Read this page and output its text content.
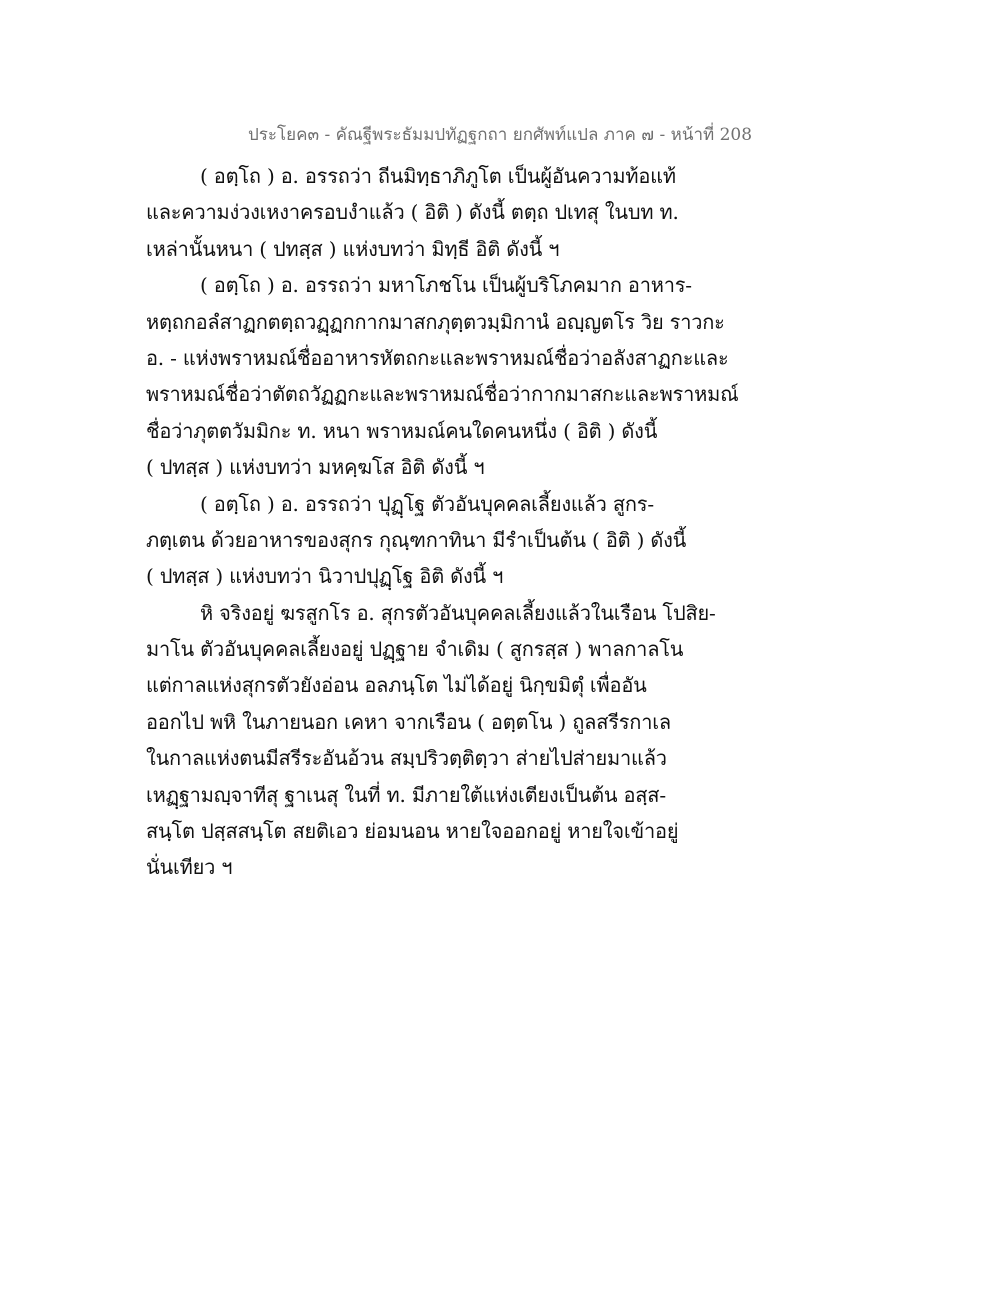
ประโยค๓ - คัณฐีพระธัมมปทัฏฐกถา ยกศัพท์แปล ภาค ๗ - หน้าที่ 208
( อตฺโถ ) อ. อรรถว่า ถีนมิทฺธาภิภูโต เป็นผู้อันความท้อแท้
และความง่วงเหงาครอบงำแล้ว ( อิติ ) ดังนี้ ตตฺถ ปเทสุ ในบท ท.
เหล่านั้นหนา ( ปทสฺส ) แห่งบทว่า มิทฺธี อิติ ดังนี้ ฯ
( อตฺโถ ) อ. อรรถว่า มหาโภชโน เป็นผู้บริโภคมาก อาหาร-
หตฺถกอลํสาฏกตตฺถวฏฺฏกกากมาสกภุตฺตวมฺมิกานํ อญฺญตโร วิย ราวกะ
อ. - แห่งพราหมณ์ชื่ออาหารหัตถกะและพราหมณ์ชื่อว่าอลังสาฏกะและ
พราหมณ์ชื่อว่าตัตถวัฏฏกะและพราหมณ์ชื่อว่ากากมาสกะและพราหมณ์
ชื่อว่าภุตตวัมมิกะ ท. หนา พราหมณ์คนใดคนหนึ่ง ( อิติ ) ดังนี้
( ปทสฺส ) แห่งบทว่า มหคฺฆโส อิติ ดังนี้ ฯ
( อตฺโถ ) อ. อรรถว่า ปุฏฺโฐ ตัวอันบุคคลเลี้ยงแล้ว สูกร-
ภตฺเตน ด้วยอาหารของสุกร กุณฺฑกาทินา มีรำเป็นต้น ( อิติ ) ดังนี้
( ปทสฺส ) แห่งบทว่า นิวาปปุฏฺโฐ อิติ ดังนี้ ฯ
หิ จริงอยู่ ฆรสูกโร อ. สุกรตัวอันบุคคลเลี้ยงแล้วในเรือน โปสิย-
มาโน ตัวอันบุคคลเลี้ยงอยู่ ปฏฺฐาย จำเดิม ( สูกรสฺส ) พาลกาลโน
แต่กาลแห่งสุกรตัวยังอ่อน อลภนฺโต ไม่ได้อยู่ นิกฺขมิตุํ เพื่ออัน
ออกไป พหิ ในภายนอก เคหา จากเรือน ( อตฺตโน ) ถูลสรีรกาเล
ในกาลแห่งตนมีสรีระอันอ้วน สมฺปริวตฺติตฺวา ส่ายไปส่ายมาแล้ว
เหฏฺฐามญฺจาทีสุ ฐาเนสุ ในที่ ท. มีภายใต้แห่งเตียงเป็นต้น อสฺส-
สนฺโต ปสฺสสนฺโต สยติเอว ย่อมนอน หายใจออกอยู่ หายใจเข้าอยู่
นั่นเทียว ฯ
